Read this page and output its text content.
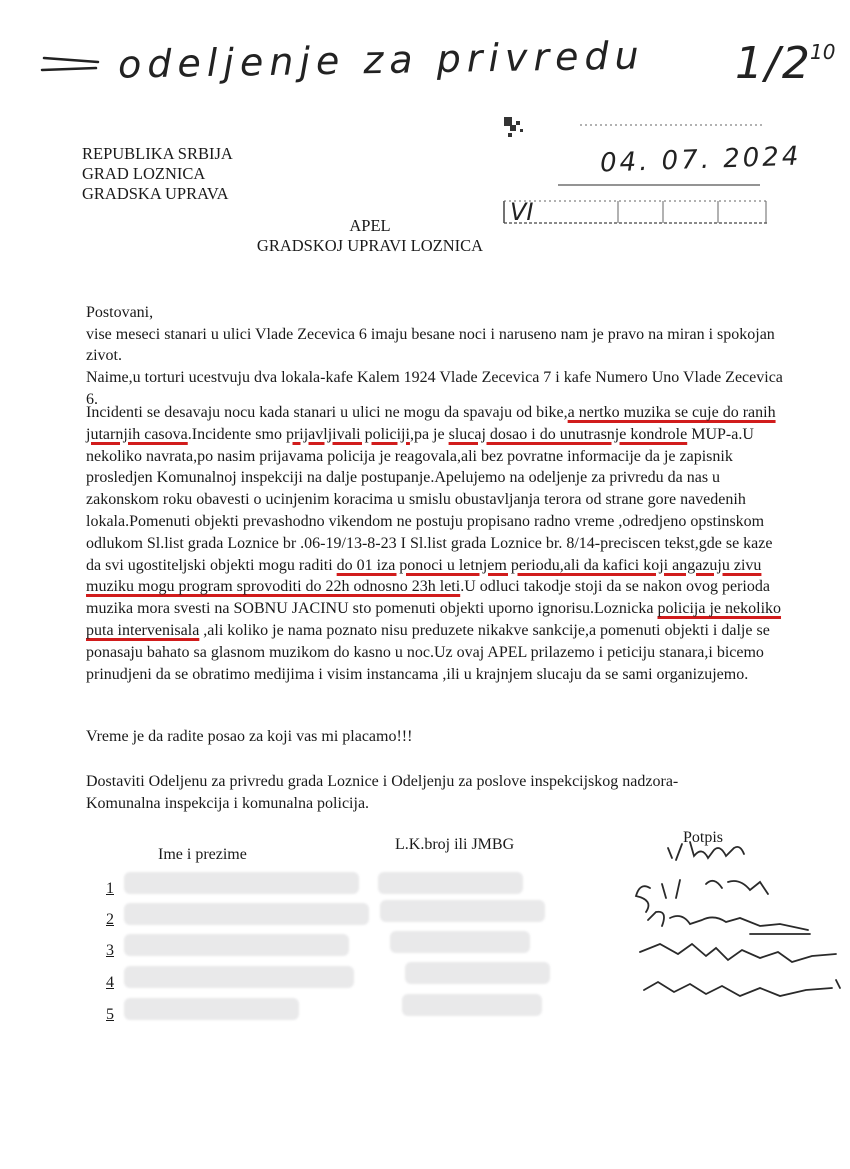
odeljenje za privredu 1/2
10
04. 07. 2024
VI
REPUBLIKA SRBIJA
GRAD LOZNICA
GRADSKA UPRAVA
APEL
GRADSKOJ UPRAVI LOZNICA

Postovani,

vise meseci stanari u ulici Vlade Zecevica 6 imaju besane noci i naruseno nam je pravo na miran i spokojan zivot.

Naime,u torturi ucestvuju dva lokala-kafe Kalem 1924 Vlade Zecevica 7 i kafe Numero Uno Vlade Zecevica 6.

Incidenti se desavaju nocu kada stanari u ulici ne mogu da spavaju od bike,a nertko muzika se cuje do ranih jutarnjih casova.Incidente smo prijavljivali policiji,pa je slucaj dosao i do unutrasnje kondrole MUP-a.U nekoliko navrata,po nasim prijavama policija je reagovala,ali bez povratne informacije da je zapisnik prosledjen Komunalnoj inspekciji na dalje postupanje.Apelujemo na odeljenje za privredu da nas u zakonskom roku obavesti o ucinjenim koracima u smislu obustavljanja terora od strane gore navedenih lokala.Pomenuti objekti prevashodno vikendom ne postuju propisano radno vreme ,odredjeno opstinskom odlukom Sl.list grada Loznice br .06-19/13-8-23 I Sl.list grada Loznice br. 8/14-preciscen tekst,gde se kaze da svi ugostiteljski objekti mogu raditi do 01 iza ponoci u letnjem periodu,ali da kafici koji angazuju zivu muziku mogu program sprovoditi do 22h odnosno 23h leti.U odluci takodje stoji da se nakon ovog perioda muzika mora svesti na SOBNU JACINU sto pomenuti objekti uporno ignorisu.Loznicka policija je nekoliko puta intervenisala ,ali koliko je nama poznato nisu preduzete nikakve sankcije,a pomenuti objekti i dalje se ponasaju bahato sa glasnom muzikom do kasno u noc.Uz ovaj APEL prilazemo i peticiju stanara,i bicemo prinudjeni da se obratimo medijima i visim instancama ,ili u krajnjem slucaju da se sami organizujemo.

Vreme je da radite posao za koji vas mi placamo!!!
Dostaviti Odeljenu za privredu grada Loznice i Odeljenju za poslove inspekcijskog nadzora-Komunalna inspekcija i komunalna policija.
Ime i prezime
L.K.broj ili JMBG	Potpis
1
2
3
4
5
